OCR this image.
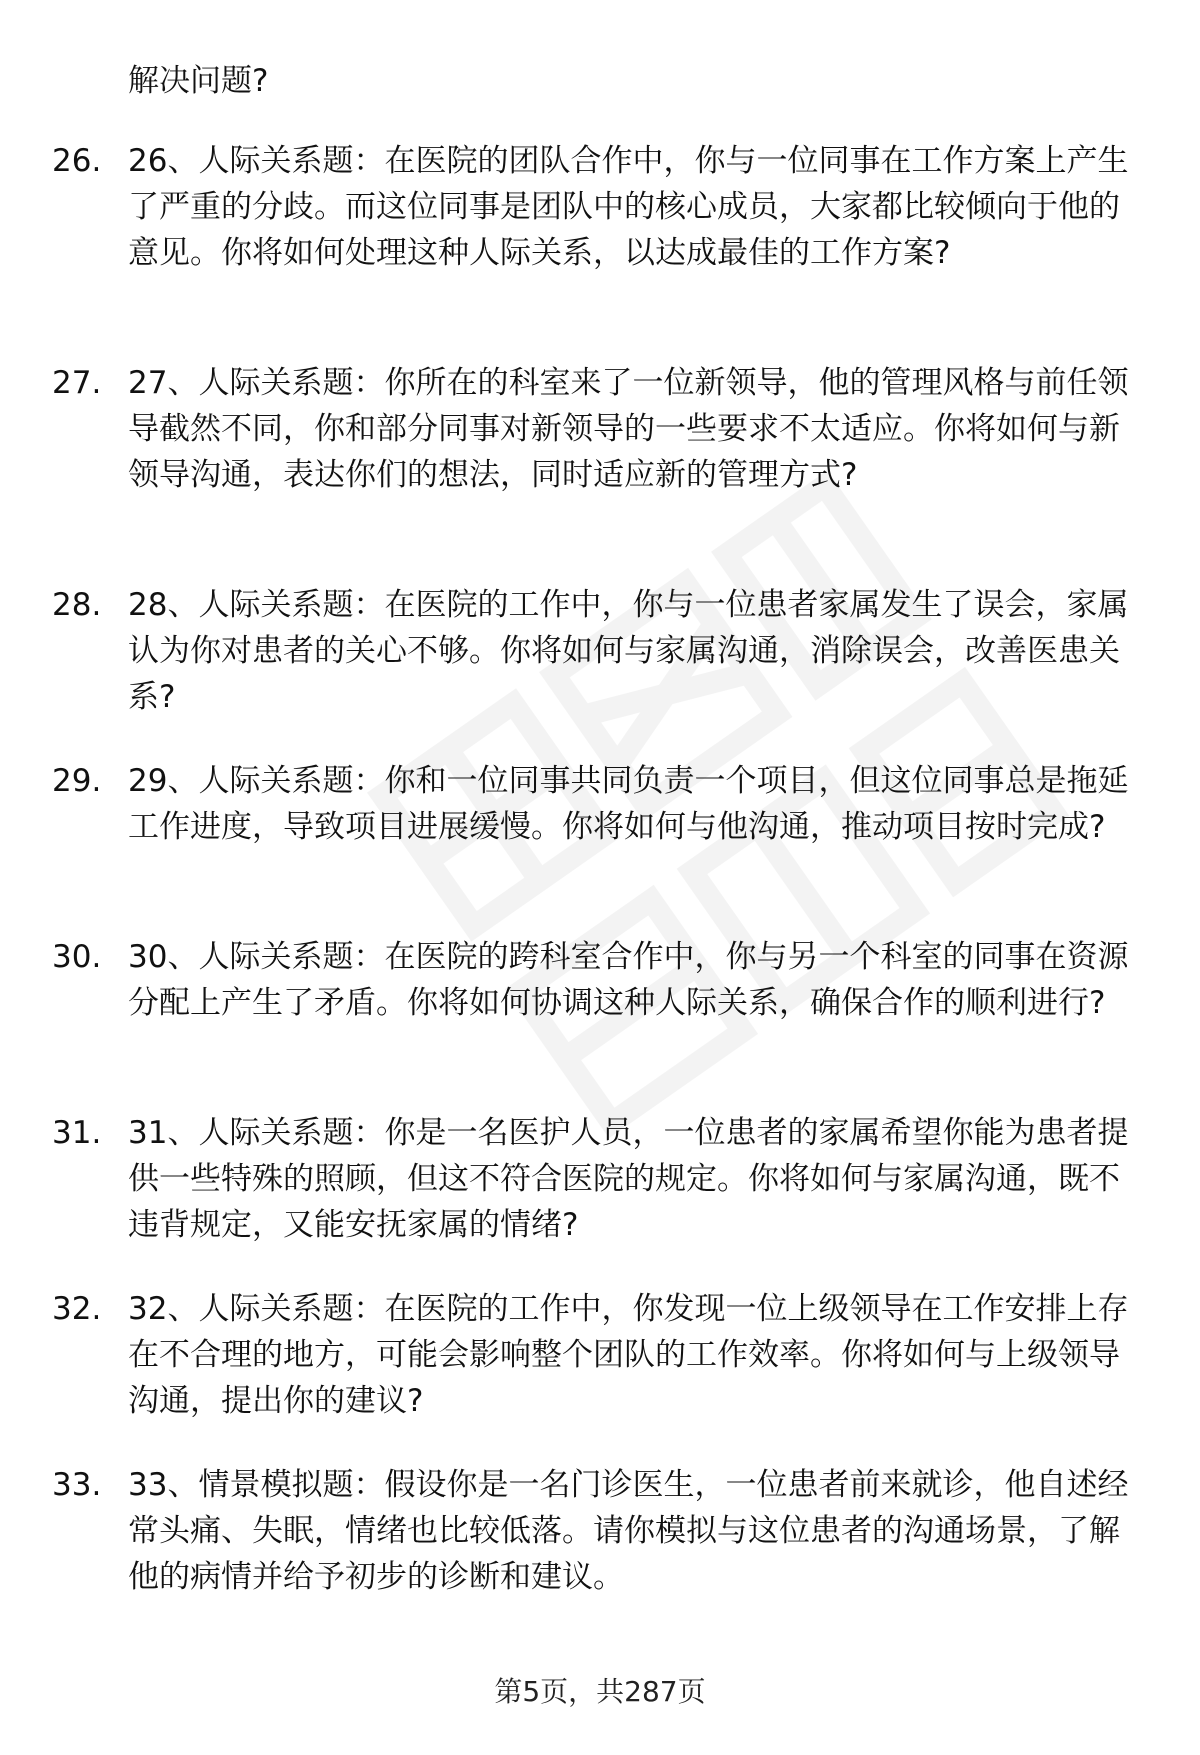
解决问题?

26. 26、人际关系题：在医院的团队合作中，你与一位同事在工作方案上产生了严重的分歧。而这位同事是团队中的核心成员，大家都比较倾向于他的意见。你将如何处理这种人际关系，以达成最佳的工作方案?

27. 27、人际关系题：你所在的科室来了一位新领导，他的管理风格与前任领导截然不同，你和部分同事对新领导的一些要求不太适应。你将如何与新领导沟通，表达你们的想法，同时适应新的管理方式?

28. 28、人际关系题：在医院的工作中，你与一位患者家属发生了误会，家属认为你对患者的关心不够。你将如何与家属沟通，消除误会，改善医患关系?

29. 29、人际关系题：你和一位同事共同负责一个项目，但这位同事总是拖延工作进度，导致项目进展缓慢。你将如何与他沟通，推动项目按时完成?

30. 30、人际关系题：在医院的跨科室合作中，你与另一个科室的同事在资源分配上产生了矛盾。你将如何协调这种人际关系，确保合作的顺利进行?

31. 31、人际关系题：你是一名医护人员，一位患者的家属希望你能为患者提供一些特殊的照顾，但这不符合医院的规定。你将如何与家属沟通，既不违背规定，又能安抚家属的情绪?

32. 32、人际关系题：在医院的工作中，你发现一位上级领导在工作安排上存在不合理的地方，可能会影响整个团队的工作效率。你将如何与上级领导沟通，提出你的建议?

33. 33、情景模拟题：假设你是一名门诊医生，一位患者前来就诊，他自述经常头痛、失眠，情绪也比较低落。请你模拟与这位患者的沟通场景，了解他的病情并给予初步的诊断和建议。

第5页，共287页
